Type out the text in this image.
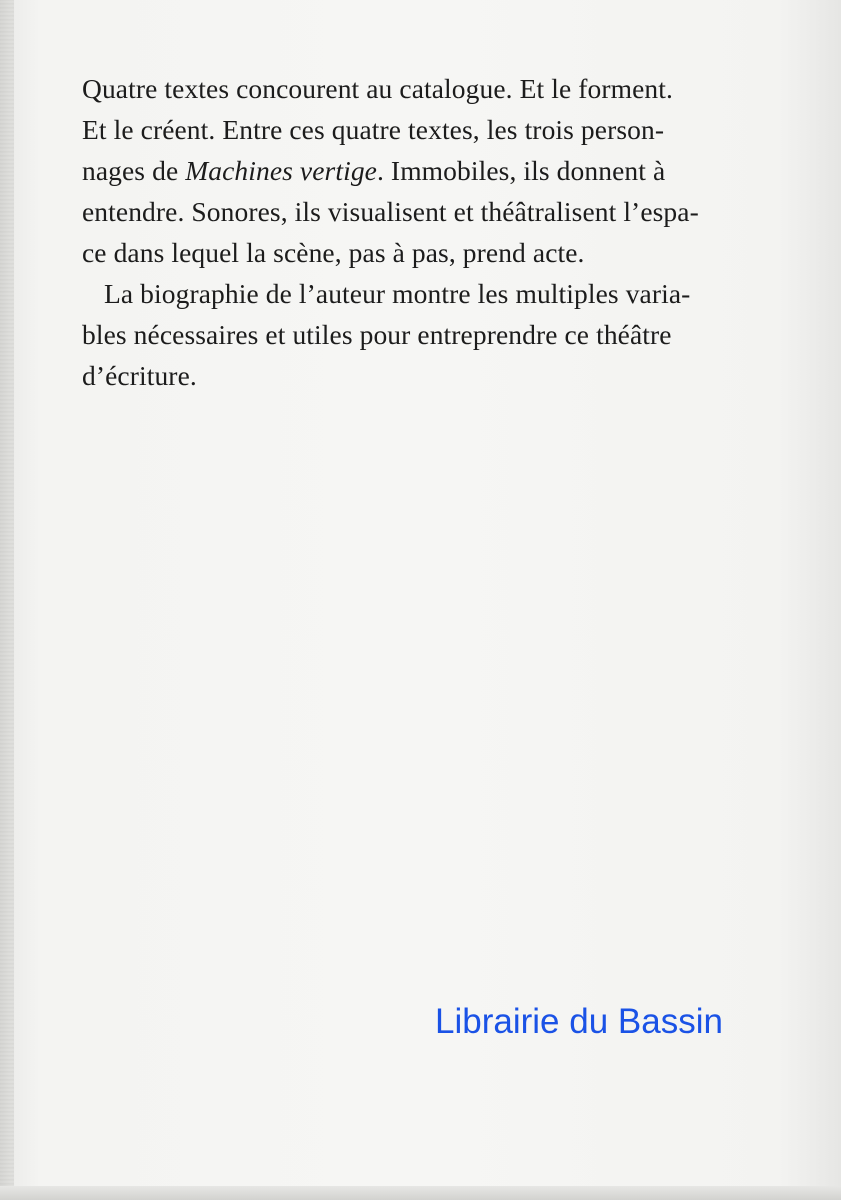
Quatre textes concourent au catalogue. Et le forment.
Et le créent. Entre ces quatre textes, les trois person-
nages de Machines vertige. Immobiles, ils donnent à
entendre. Sonores, ils visualisent et théâtralisent l’espa-
ce dans lequel la scène, pas à pas, prend acte.

La biographie de l’auteur montre les multiples varia-
bles nécessaires et utiles pour entreprendre ce théâtre
d’écriture.

Librairie du Bassin
